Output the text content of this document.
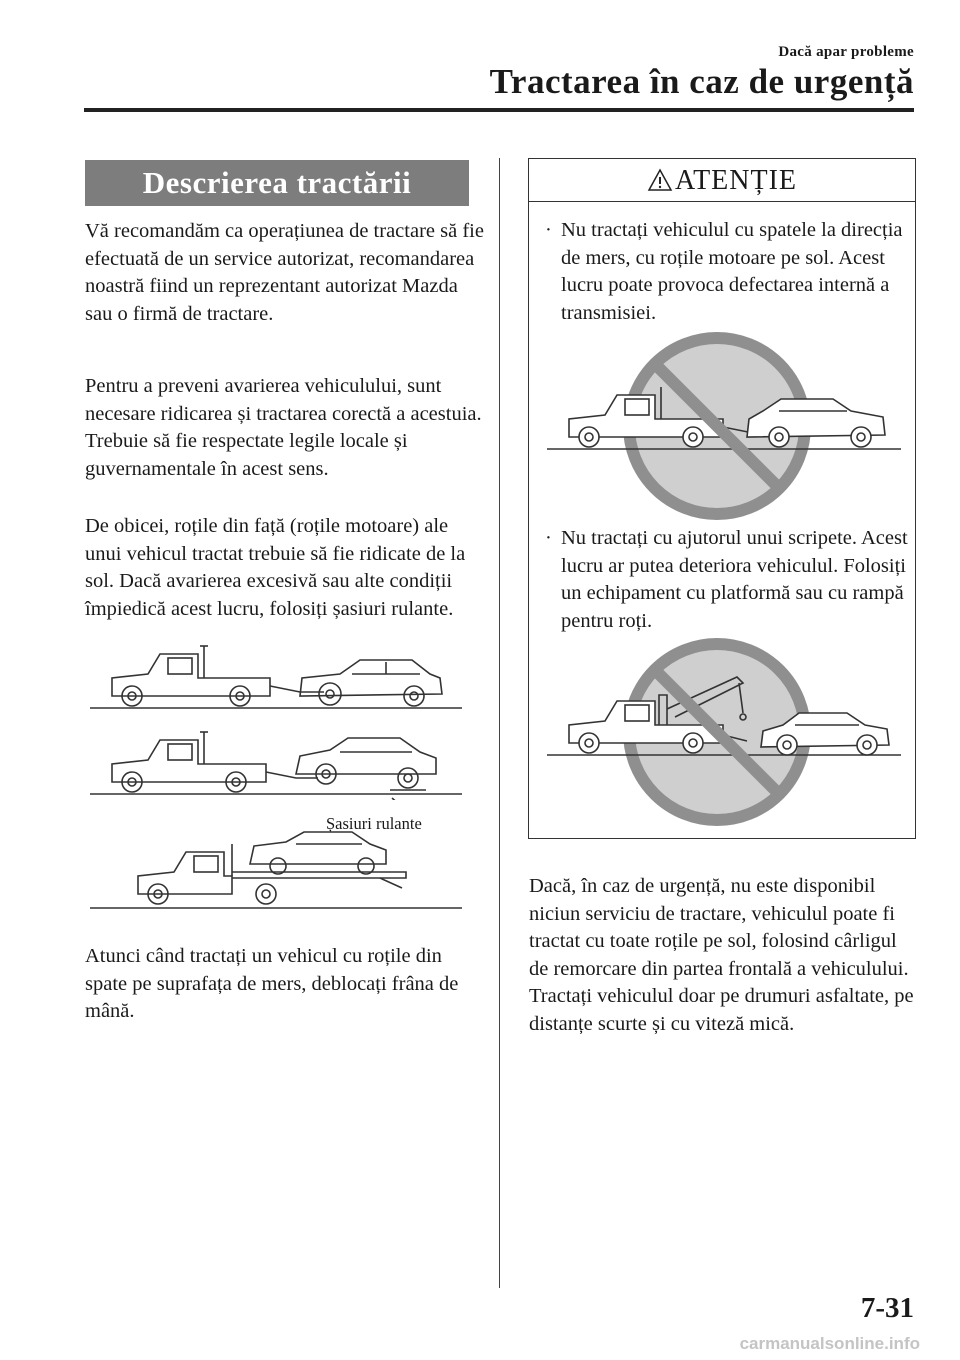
Dacă apar probleme
Tractarea în caz de urgență
Descrierea tractării
Vă recomandăm ca operațiunea de tractare să fie efectuată de un service autorizat, recomandarea noastră fiind un reprezentant autorizat Mazda sau o firmă de tractare.
Pentru a preveni avarierea vehiculului, sunt necesare ridicarea și tractarea corectă a acestuia. Trebuie să fie respectate legile locale și guvernamentale în acest sens.
De obicei, roțile din față (roțile motoare) ale unui vehicul tractat trebuie să fie ridicate de la sol. Dacă avarierea excesivă sau alte condiții împiedică acest lucru, folosiți șasiuri rulante.
Șasiuri rulante
Atunci când tractați un vehicul cu roțile din spate pe suprafața de mers, deblocați frâna de mână.
ATENȚIE
· Nu tractați vehiculul cu spatele la direcția de mers, cu roțile motoare pe sol. Acest lucru poate provoca defectarea internă a transmisiei.
· Nu tractați cu ajutorul unui scripete. Acest lucru ar putea deteriora vehiculul. Folosiți un echipament cu platformă sau cu rampă pentru roți.
Dacă, în caz de urgență, nu este disponibil niciun serviciu de tractare, vehiculul poate fi tractat cu toate roțile pe sol, folosind cârligul de remorcare din partea frontală a vehiculului.
Tractați vehiculul doar pe drumuri asfaltate, pe distanțe scurte și cu viteză mică.
7-31
carmanualsonline.info
